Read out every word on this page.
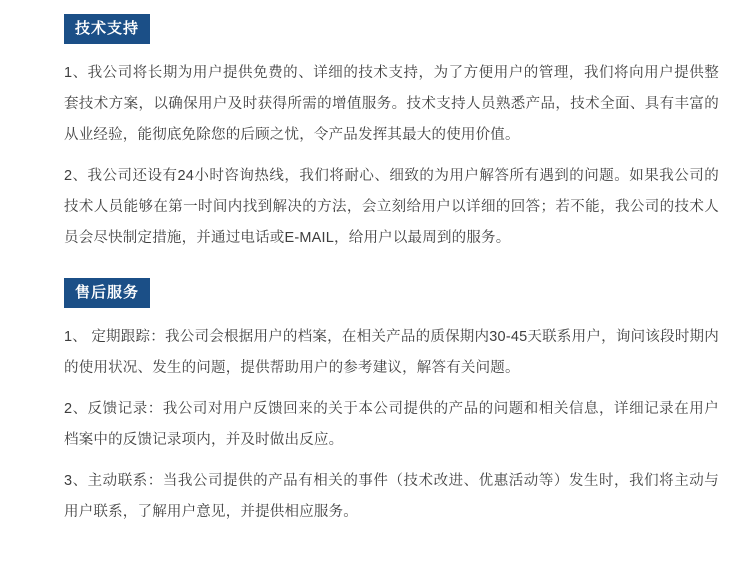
技术支持

1、我公司将长期为用户提供免费的、详细的技术支持，为了方便用户的管理，我们将向用户提供整套技术方案，以确保用户及时获得所需的增值服务。技术支持人员熟悉产品，技术全面、具有丰富的从业经验，能彻底免除您的后顾之忧，令产品发挥其最大的使用价值。

2、我公司还设有24小时咨询热线，我们将耐心、细致的为用户解答所有遇到的问题。如果我公司的技术人员能够在第一时间内找到解决的方法，会立刻给用户以详细的回答；若不能，我公司的技术人员会尽快制定措施，并通过电话或E-MAIL，给用户以最周到的服务。

售后服务

1、 定期跟踪：我公司会根据用户的档案，在相关产品的质保期内30-45天联系用户，询问该段时期内的使用状况、发生的问题，提供帮助用户的参考建议，解答有关问题。

2、反馈记录：我公司对用户反馈回来的关于本公司提供的产品的问题和相关信息，详细记录在用户档案中的反馈记录项内，并及时做出反应。

3、主动联系：当我公司提供的产品有相关的事件（技术改进、优惠活动等）发生时，我们将主动与用户联系，了解用户意见，并提供相应服务。
